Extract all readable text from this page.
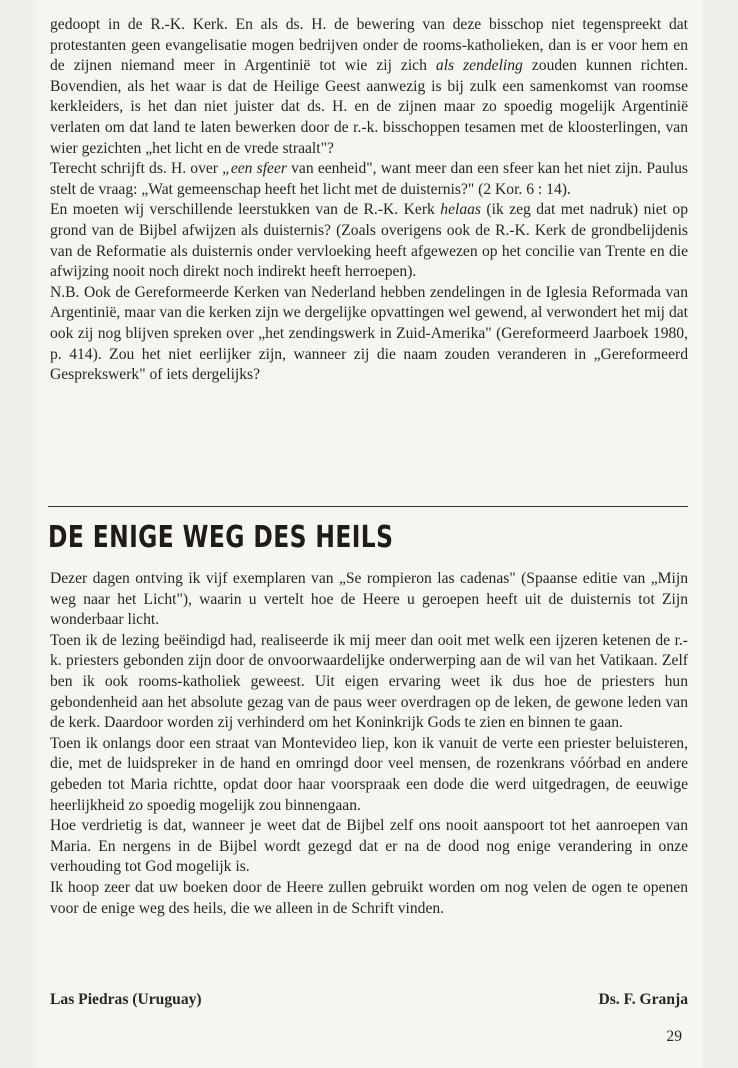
gedoopt in de R.-K. Kerk. En als ds. H. de bewering van deze bisschop niet tegenspreekt dat protestanten geen evangelisatie mogen bedrijven onder de rooms-katholieken, dan is er voor hem en de zijnen niemand meer in Argentinië tot wie zij zich als zendeling zouden kunnen richten. Bovendien, als het waar is dat de Heilige Geest aanwezig is bij zulk een samenkomst van roomse kerkleiders, is het dan niet juister dat ds. H. en de zijnen maar zo spoedig mogelijk Argentinië verlaten om dat land te laten bewerken door de r.-k. bisschoppen tesamen met de kloosterlingen, van wier gezichten „het licht en de vrede straalt"?

Terecht schrijft ds. H. over „een sfeer van eenheid", want meer dan een sfeer kan het niet zijn. Paulus stelt de vraag: „Wat gemeenschap heeft het licht met de duisternis?" (2 Kor. 6 : 14).

En moeten wij verschillende leerstukken van de R.-K. Kerk helaas (ik zeg dat met nadruk) niet op grond van de Bijbel afwijzen als duisternis? (Zoals overigens ook de R.-K. Kerk de grondbelijdenis van de Reformatie als duisternis onder vervloeking heeft afgewezen op het concilie van Trente en die afwijzing nooit noch direkt noch indirekt heeft herroepen).

N.B. Ook de Gereformeerde Kerken van Nederland hebben zendelingen in de Iglesia Reformada van Argentinië, maar van die kerken zijn we dergelijke opvattingen wel gewend, al verwondert het mij dat ook zij nog blijven spreken over „het zendingswerk in Zuid-Amerika" (Gereformeerd Jaarboek 1980, p. 414). Zou het niet eerlijker zijn, wanneer zij die naam zouden veranderen in „Gereformeerd Gesprekswerk" of iets dergelijks?

DE ENIGE WEG DES HEILS

Dezer dagen ontving ik vijf exemplaren van „Se rompieron las cadenas" (Spaanse editie van „Mijn weg naar het Licht"), waarin u vertelt hoe de Heere u geroepen heeft uit de duisternis tot Zijn wonderbaar licht.

Toen ik de lezing beëindigd had, realiseerde ik mij meer dan ooit met welk een ijzeren ketenen de r.-k. priesters gebonden zijn door de onvoorwaardelijke onderwerping aan de wil van het Vatikaan. Zelf ben ik ook rooms-katholiek geweest. Uit eigen ervaring weet ik dus hoe de priesters hun gebondenheid aan het absolute gezag van de paus weer overdragen op de leken, de gewone leden van de kerk. Daardoor worden zij verhinderd om het Koninkrijk Gods te zien en binnen te gaan.

Toen ik onlangs door een straat van Montevideo liep, kon ik vanuit de verte een priester beluisteren, die, met de luidspreker in de hand en omringd door veel mensen, de rozenkrans vóórbad en andere gebeden tot Maria richtte, opdat door haar voorspraak een dode die werd uitgedragen, de eeuwige heerlijkheid zo spoedig mogelijk zou binnengaan.

Hoe verdrietig is dat, wanneer je weet dat de Bijbel zelf ons nooit aanspoort tot het aanroepen van Maria. En nergens in de Bijbel wordt gezegd dat er na de dood nog enige verandering in onze verhouding tot God mogelijk is.

Ik hoop zeer dat uw boeken door de Heere zullen gebruikt worden om nog velen de ogen te openen voor de enige weg des heils, die we alleen in de Schrift vinden.

Las Piedras (Uruguay)	Ds. F. Granja
29
